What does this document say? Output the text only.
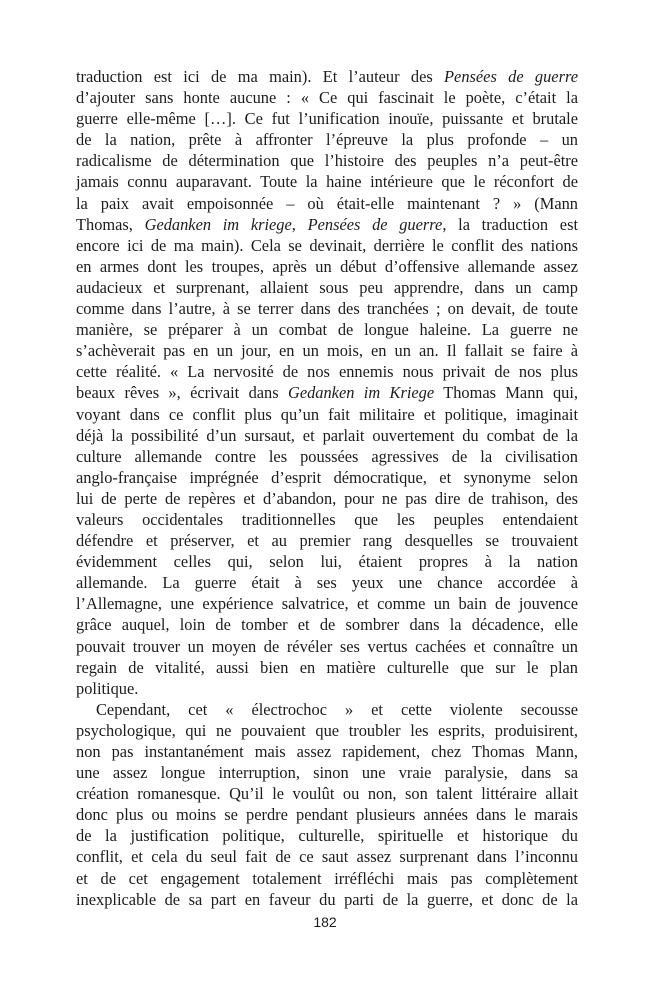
traduction est ici de ma main). Et l’auteur des Pensées de guerre
d’ajouter sans honte aucune : « Ce qui fascinait le poète, c’était la
guerre elle-même […]. Ce fut l’unification inouïe, puissante et brutale
de la nation, prête à affronter l’épreuve la plus profonde – un
radicalisme de détermination que l’histoire des peuples n’a peut-être
jamais connu auparavant. Toute la haine intérieure que le réconfort de
la paix avait empoisonnée – où était-elle maintenant ? » (Mann
Thomas, Gedanken im kriege, Pensées de guerre, la traduction est
encore ici de ma main). Cela se devinait, derrière le conflit des nations
en armes dont les troupes, après un début d’offensive allemande assez
audacieux et surprenant, allaient sous peu apprendre, dans un camp
comme dans l’autre, à se terrer dans des tranchées ; on devait, de toute
manière, se préparer à un combat de longue haleine. La guerre ne
s’achèverait pas en un jour, en un mois, en un an. Il fallait se faire à
cette réalité. « La nervosité de nos ennemis nous privait de nos plus
beaux rêves », écrivait dans Gedanken im Kriege Thomas Mann qui,
voyant dans ce conflit plus qu’un fait militaire et politique, imaginait
déjà la possibilité d’un sursaut, et parlait ouvertement du combat de la
culture allemande contre les poussées agressives de la civilisation
anglo-française imprégnée d’esprit démocratique, et synonyme selon
lui de perte de repères et d’abandon, pour ne pas dire de trahison, des
valeurs occidentales traditionnelles que les peuples entendaient
défendre et préserver, et au premier rang desquelles se trouvaient
évidemment celles qui, selon lui, étaient propres à la nation
allemande. La guerre était à ses yeux une chance accordée à
l’Allemagne, une expérience salvatrice, et comme un bain de jouvence
grâce auquel, loin de tomber et de sombrer dans la décadence, elle
pouvait trouver un moyen de révéler ses vertus cachées et connaître un
regain de vitalité, aussi bien en matière culturelle que sur le plan
politique.
Cependant, cet « électrochoc » et cette violente secousse
psychologique, qui ne pouvaient que troubler les esprits, produisirent,
non pas instantanément mais assez rapidement, chez Thomas Mann,
une assez longue interruption, sinon une vraie paralysie, dans sa
création romanesque. Qu’il le voulût ou non, son talent littéraire allait
donc plus ou moins se perdre pendant plusieurs années dans le marais
de la justification politique, culturelle, spirituelle et historique du
conflit, et cela du seul fait de ce saut assez surprenant dans l’inconnu
et de cet engagement totalement irréfléchi mais pas complètement
inexplicable de sa part en faveur du parti de la guerre, et donc de la
182
